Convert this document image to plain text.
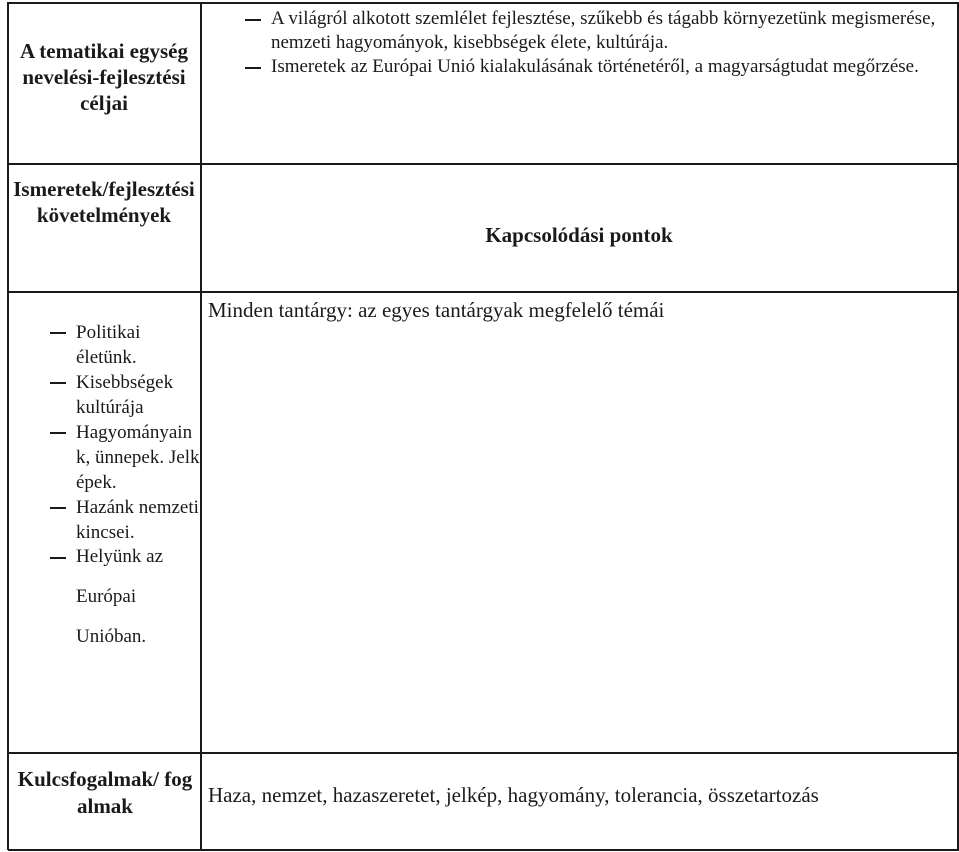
A tematikai egység nevelési-fejlesztési céljai
A világról alkotott szemlélet fejlesztése, szűkebb és tágabb környezetünk megismerése, nemzeti hagyományok, kisebbségek élete, kultúrája.
Ismeretek az Európai Unió kialakulásának történetéről, a magyarságtudat megőrzése.
Ismeretek/fejlesztési követelmények
Kapcsolódási pontok
Politikai életünk.
Kisebbségek kultúrája
Hagyományaink, ünnepek. Jelképek.
Hazánk nemzeti kincsei.
Helyünk az Európai Unióban.
Minden tantárgy: az egyes tantárgyak megfelelő témái
Kulcsfogalmak/ fogalmak	Haza, nemzet, hazaszeretet, jelkép, hagyomány, tolerancia, összetartozás
